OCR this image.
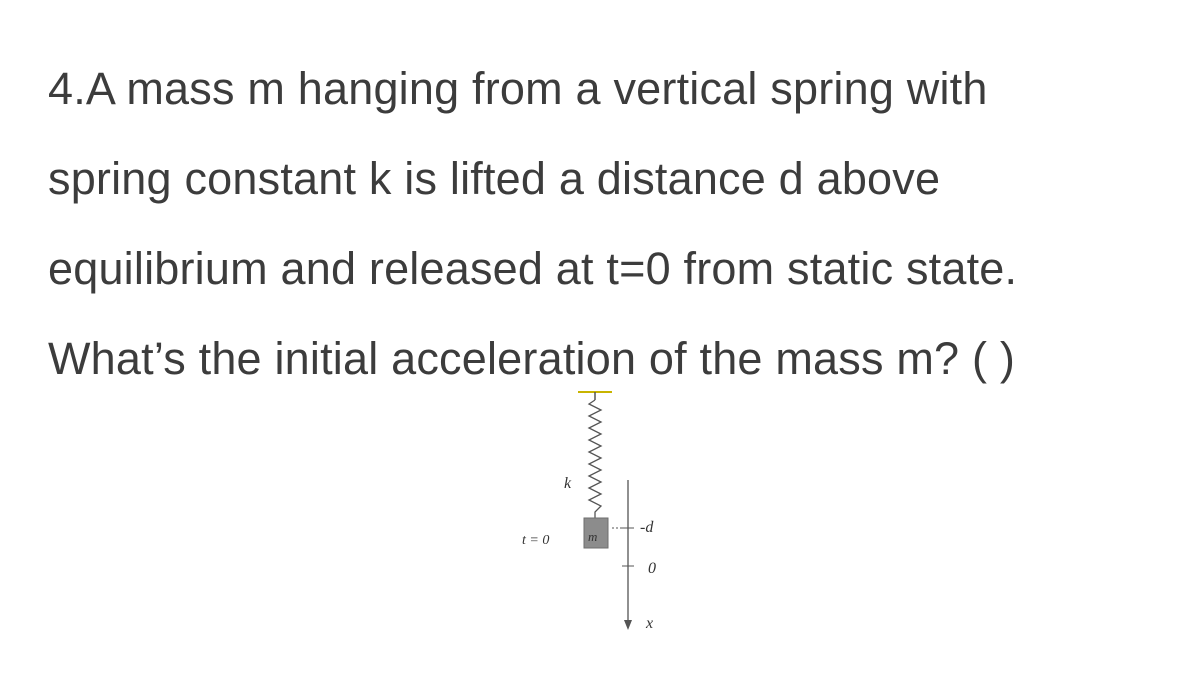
4.A mass m hanging from a vertical spring with
spring constant k is lifted a distance d above
equilibrium and released at t=0 from static state.
What’s the initial acceleration of the mass m? ( )
k
t = 0	m
-d
0
x
